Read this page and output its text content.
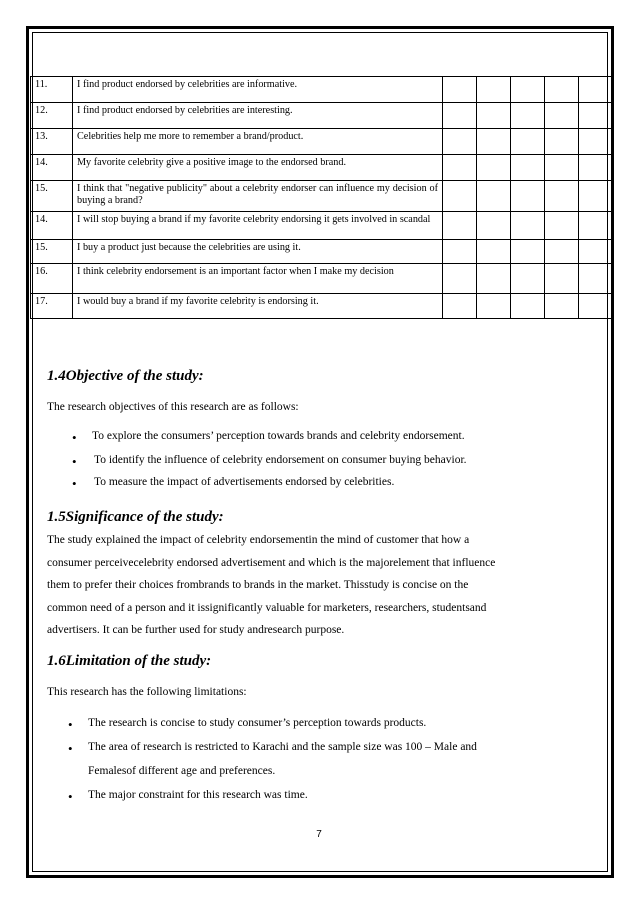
11.	I find product endorsed by celebrities are informative.					
12.	I find product endorsed by celebrities are interesting.					
13.	Celebrities help me more to remember a brand/product.					
14.	My favorite celebrity give a positive image to the endorsed brand.					
15.	I think that "negative publicity" about a celebrity endorser can influence my decision of buying a brand?					
14.	I will stop buying a brand if my favorite celebrity endorsing it gets involved in scandal					
15.	I buy a product just because the celebrities are using it.					
16.	I think celebrity endorsement is an important factor when I make my decision					
17.	I would buy a brand if my favorite celebrity is endorsing it.					
1.4Objective of the study:
The research objectives of this research are as follows:
• To explore the consumers’ perception towards brands and celebrity endorsement.
• To identify the influence of celebrity endorsement on consumer buying behavior.
• To measure the impact of advertisements endorsed by celebrities.
1.5Significance of the study:
The study explained the impact of celebrity endorsementin the mind of customer that how a
consumer perceivecelebrity endorsed advertisement and which is the majorelement that influence
them to prefer their choices frombrands to brands in the market. Thisstudy is concise on the
common need of a person and it issignificantly valuable for marketers, researchers, studentsand
advertisers. It can be further used for study andresearch purpose.
1.6Limitation of the study:
This research has the following limitations:
• The research is concise to study consumer’s perception towards products.
• The area of research is restricted to Karachi and the sample size was 100 – Male and
Femalesof different age and preferences.
• The major constraint for this research was time.
7
